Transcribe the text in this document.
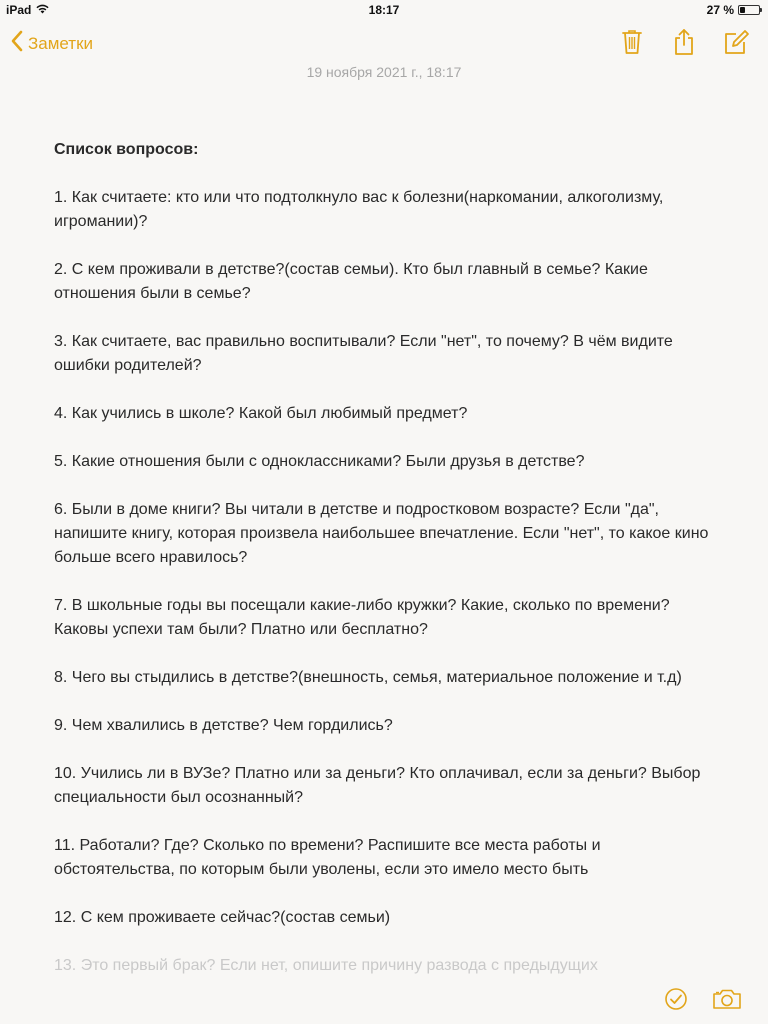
iPad	18:17	27 %
Заметки
19 ноября 2021 г., 18:17

Список вопросов:

1. Как считаете: кто или что подтолкнуло вас к болезни(наркомании, алкоголизму, игромании)?

2. С кем проживали в детстве?(состав семьи). Кто был главный в семье? Какие отношения были в семье?

3. Как считаете, вас правильно воспитывали? Если "нет", то почему? В чём видите ошибки родителей?

4. Как учились в школе? Какой был любимый предмет?

5. Какие отношения были с одноклассниками? Были друзья в детстве?

6. Были в доме книги? Вы читали в детстве и подростковом возрасте? Если "да", напишите книгу, которая произвела наибольшее впечатление. Если "нет", то какое кино больше всего нравилось?

7. В школьные годы вы посещали какие-либо кружки? Какие, сколько по времени? Каковы успехи там были? Платно или бесплатно?

8. Чего вы стыдились в детстве?(внешность, семья, материальное положение и т.д)

9. Чем хвалились в детстве? Чем гордились?

10. Учились ли в ВУЗе? Платно или за деньги? Кто оплачивал, если за деньги? Выбор специальности был осознанный?

11. Работали? Где? Сколько по времени? Распишите все места работы и обстоятельства, по которым были уволены, если это имело место быть

12. С кем проживаете сейчас?(состав семьи)

13. Это первый брак? Если нет, опишите причину развода с предыдущих
